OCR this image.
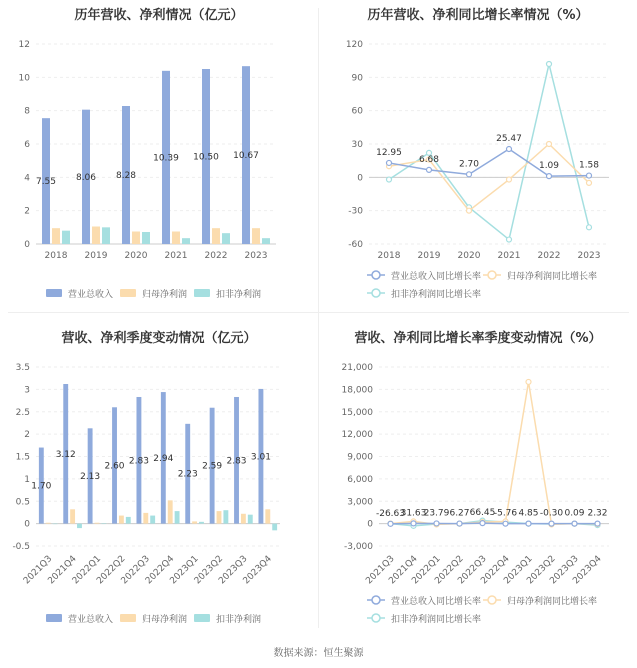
历年营收、净利情况（亿元）
0
2
4
6
8
10
12
7.55 8.06 8.28
10.39 10.50 10.67
2018 2019 2020 2021 2022 2023
营业总收入	归母净利润	扣非净利润
历年营收、净利同比增长率情况（%）
-60
-30
0
30
60
90
120
12.95
6.68 2.70
25.47
1.09 1.58
2018 2019 2020 2021 2022 2023
营业总收入同比增长率	归母净利润同比增长率
扣非净利润同比增长率
营收、净利季度变动情况（亿元）
-0.5
0
0.5
1
1.5
2
2.5
3
3.5
1.70
3.12
2.13
2.60
2.83 2.94
2.23
2.59
2.83 3.01
2021Q3
2021Q4
2022Q1
2022Q2
2022Q3
2022Q4
2023Q1
2023Q2
2023Q3
2023Q4
营业总收入	归母净利润	扣非净利润
营收、净利同比增长率季度变动情况（%）
-3,000
0
3,000
6,000
9,000
12,000
15,000
18,000
21,000
-26.63
31.63
23.79 6.27 66.45
-5.76 4.85 -0.30 0.09 2.32
2021Q3
2021Q4
2022Q1
2022Q2
2022Q3
2022Q4
2023Q1
2023Q2
2023Q3
2023Q4
营业总收入同比增长率	归母净利润同比增长率
扣非净利润同比增长率
数据来源：恒生聚源
